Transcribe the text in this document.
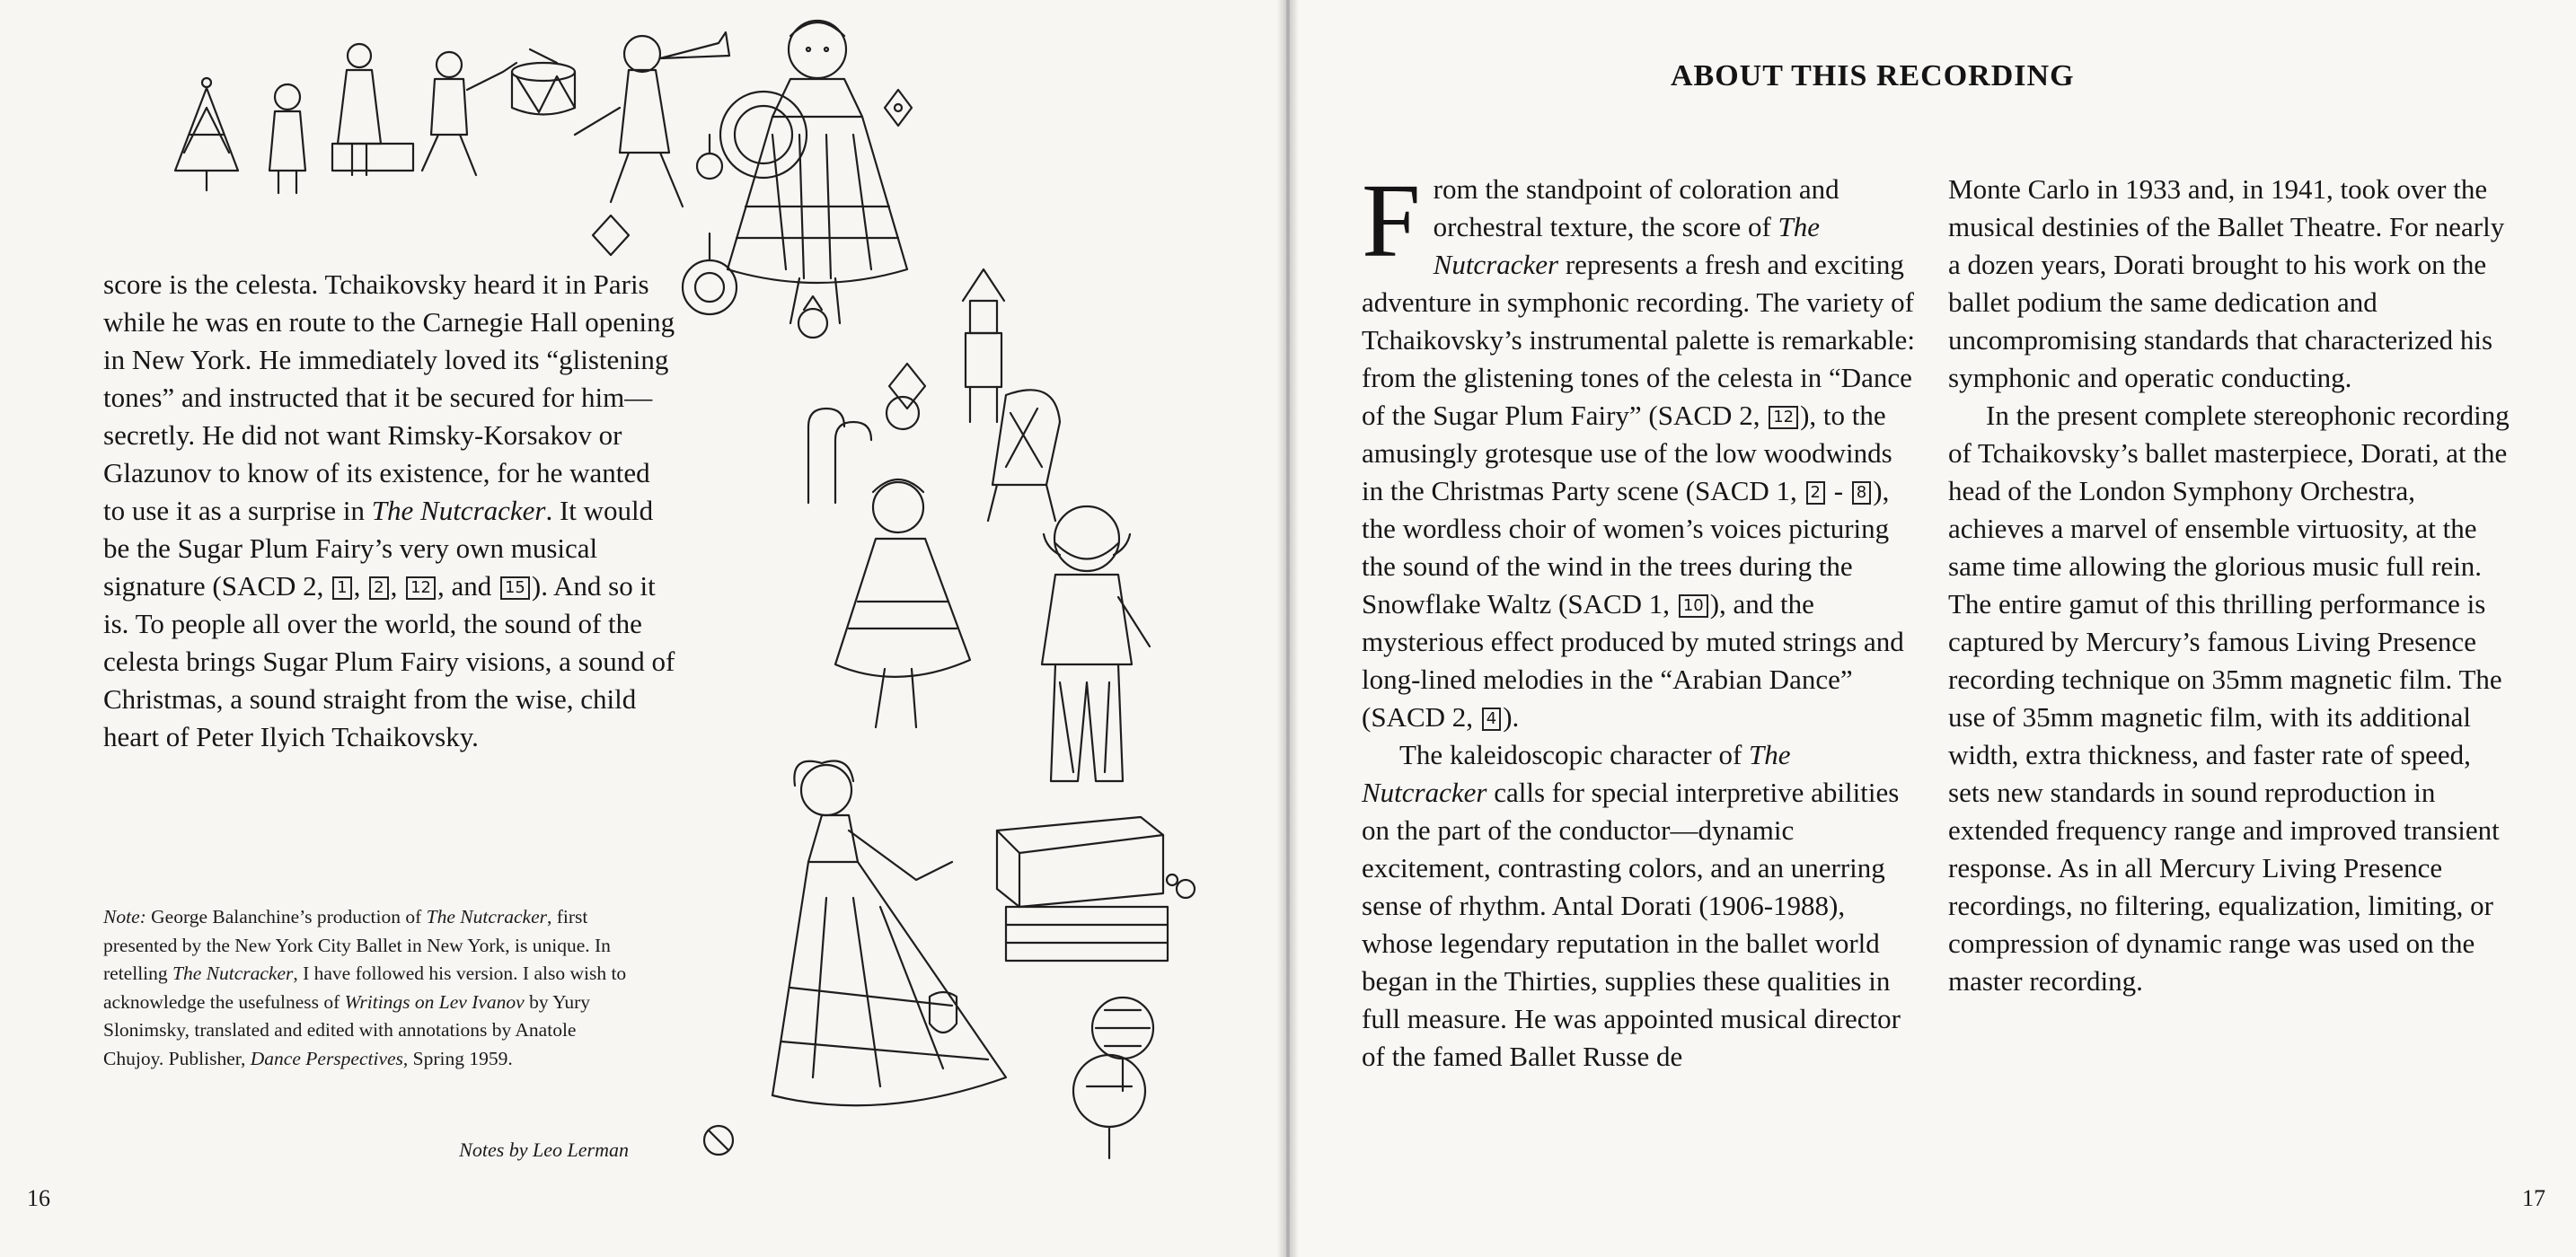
score is the celesta. Tchaikovsky heard it in Paris while he was en route to the Carnegie Hall opening in New York. He immediately loved its “glistening tones” and instructed that it be secured for him—secretly. He did not want Rimsky-Korsakov or Glazunov to know of its existence, for he wanted to use it as a surprise in The Nutcracker. It would be the Sugar Plum Fairy’s very own musical signature (SACD 2, 1 , 2 , 12 , and 15 ). And so it is. To people all over the world, the sound of the celesta brings Sugar Plum Fairy visions, a sound of Christmas, a sound straight from the wise, child heart of Peter Ilyich Tchaikovsky.

Note: George Balanchine’s production of The Nutcracker, first presented by the New York City Ballet in New York, is unique. In retelling The Nutcracker, I have followed his version. I also wish to acknowledge the usefulness of Writings on Lev Ivanov by Yury Slonimsky, translated and edited with annotations by Anatole Chujoy. Publisher, Dance Perspectives, Spring 1959.

Notes by Leo Lerman
16
ABOUT THIS RECORDING

From the standpoint of coloration and orchestral texture, the score of The Nutcracker represents a fresh and exciting adventure in symphonic recording. The variety of Tchaikovsky’s instrumental palette is remarkable: from the glistening tones of the celesta in “Dance of the Sugar Plum Fairy” (SACD 2, 12 ), to the amusingly grotesque use of the low woodwinds in the Christmas Party scene (SACD 1, 2 - 8 ), the wordless choir of women’s voices picturing the sound of the wind in the trees during the Snowflake Waltz (SACD 1, 10 ), and the mysterious effect produced by muted strings and long-lined melodies in the “Arabian Dance” (SACD 2, 4 ).

The kaleidoscopic character of The Nutcracker calls for special interpretive abilities on the part of the conductor—dynamic excitement, contrasting colors, and an unerring sense of rhythm. Antal Dorati (1906-1988), whose legendary reputation in the ballet world began in the Thirties, supplies these qualities in full measure. He was appointed musical director of the famed Ballet Russe de

Monte Carlo in 1933 and, in 1941, took over the musical destinies of the Ballet Theatre. For nearly a dozen years, Dorati brought to his work on the ballet podium the same dedication and uncompromising standards that characterized his symphonic and operatic conducting.

In the present complete stereophonic recording of Tchaikovsky’s ballet masterpiece, Dorati, at the head of the London Symphony Orchestra, achieves a marvel of ensemble virtuosity, at the same time allowing the glorious music full rein. The entire gamut of this thrilling performance is captured by Mercury’s famous Living Presence recording technique on 35mm magnetic film. The use of 35mm magnetic film, with its additional width, extra thickness, and faster rate of speed, sets new standards in sound reproduction in extended frequency range and improved transient response. As in all Mercury Living Presence recordings, no filtering, equalization, limiting, or compression of dynamic range was used on the master recording.

17
